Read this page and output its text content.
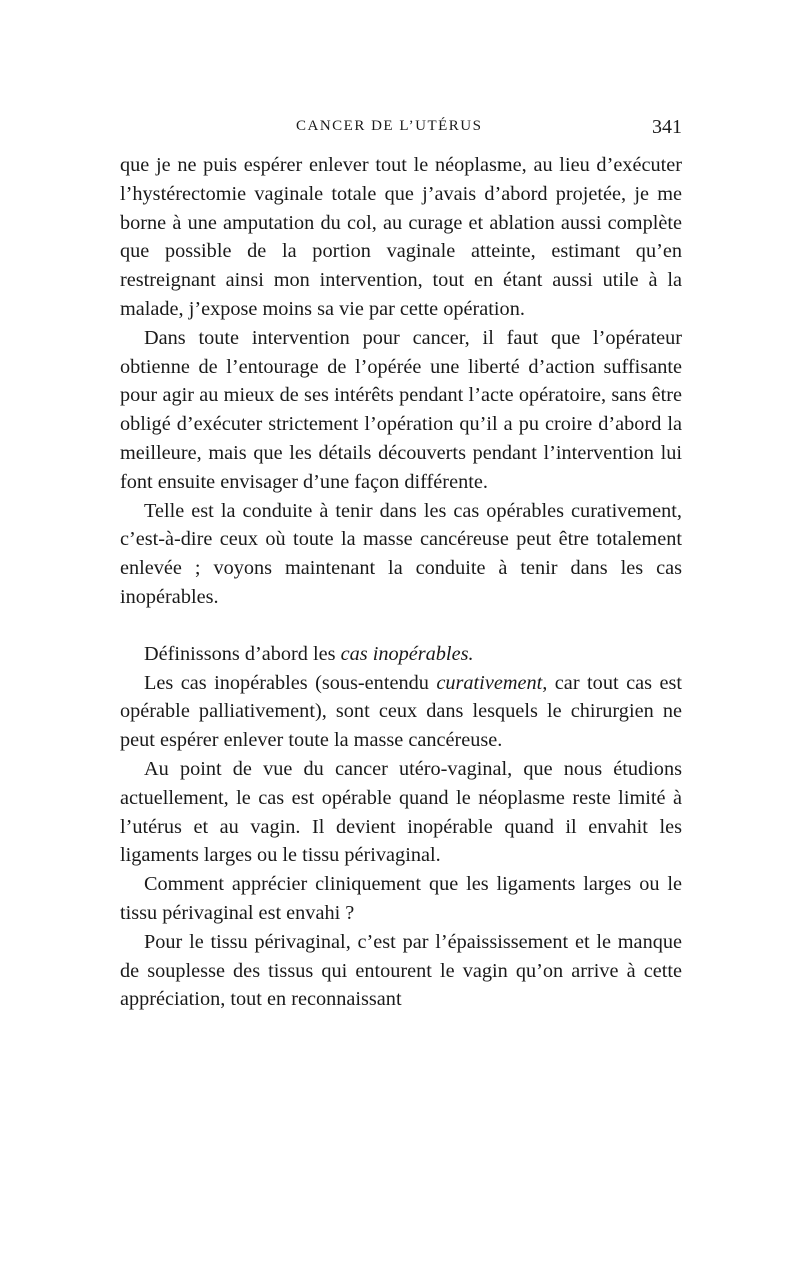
CANCER DE L’UTÉRUS	341

que je ne puis espérer enlever tout le néoplasme, au lieu d’exécuter l’hystérectomie vaginale totale que j’avais d’abord projetée, je me borne à une amputation du col, au curage et ablation aussi complète que possible de la portion vaginale atteinte, estimant qu’en restreignant ainsi mon intervention, tout en étant aussi utile à la malade, j’expose moins sa vie par cette opération.

Dans toute intervention pour cancer, il faut que l’opérateur obtienne de l’entourage de l’opérée une liberté d’action suffisante pour agir au mieux de ses intérêts pendant l’acte opératoire, sans être obligé d’exécuter strictement l’opération qu’il a pu croire d’abord la meilleure, mais que les détails découverts pendant l’intervention lui font ensuite envisager d’une façon différente.

Telle est la conduite à tenir dans les cas opérables curativement, c’est-à-dire ceux où toute la masse cancéreuse peut être totalement enlevée ; voyons maintenant la conduite à tenir dans les cas inopérables.

Définissons d’abord les cas inopérables.

Les cas inopérables (sous-entendu curativement, car tout cas est opérable palliativement), sont ceux dans lesquels le chirurgien ne peut espérer enlever toute la masse cancéreuse.

Au point de vue du cancer utéro-vaginal, que nous étudions actuellement, le cas est opérable quand le néoplasme reste limité à l’utérus et au vagin. Il devient inopérable quand il envahit les ligaments larges ou le tissu périvaginal.

Comment apprécier cliniquement que les ligaments larges ou le tissu périvaginal est envahi ?

Pour le tissu périvaginal, c’est par l’épaississement et le manque de souplesse des tissus qui entourent le vagin qu’on arrive à cette appréciation, tout en reconnaissant
